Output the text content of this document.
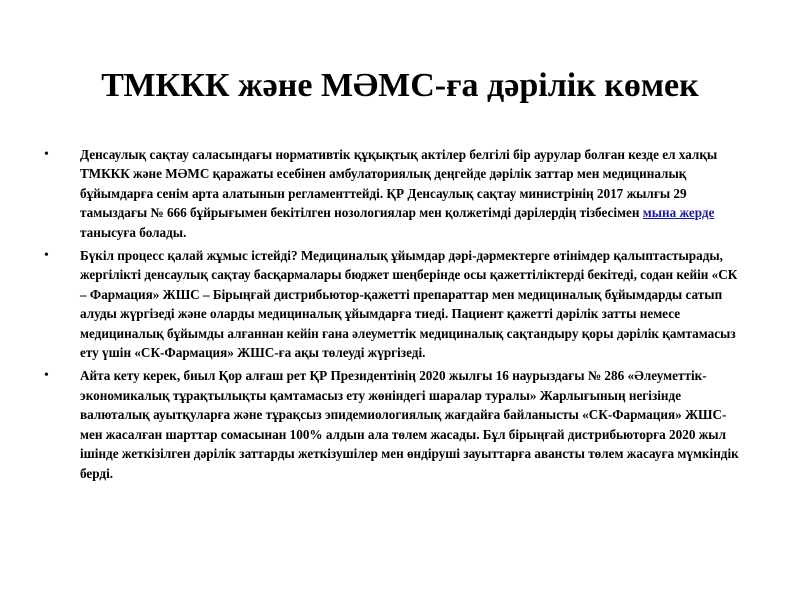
ТМККК және МӘМС-ға дәрілік көмек
• Денсаулық сақтау саласындағы нормативтік құқықтық актілер белгілі бір аурулар болған кезде ел халқы ТМККК және МӘМС қаражаты есебінен амбулаториялық деңгейде дәрілік заттар мен медициналық бұйымдарға сенім арта алатынын регламенттейді. ҚР Денсаулық сақтау министрінің 2017 жылғы 29 тамыздағы № 666 бұйрығымен бекітілген нозологиялар мен қолжетімді дәрілердің тізбесімен мына жерде танысуға болады.
• Бүкіл процесс қалай жұмыс істейді? Медициналық ұйымдар дәрі-дәрмектерге өтінімдер қалыптастырады, жергілікті денсаулық сақтау басқармалары бюджет шеңберінде осы қажеттіліктерді бекітеді, содан кейін «СК – Фармация» ЖШС – Бірыңғай дистрибьютор-қажетті препараттар мен медициналық бұйымдарды сатып алуды жүргізеді және оларды медициналық ұйымдарға тиеді. Пациент қажетті дәрілік затты немесе медициналық бұйымды алғаннан кейін ғана әлеуметтік медициналық сақтандыру қоры дәрілік қамтамасыз ету үшін «СК-Фармация» ЖШС-ға ақы төлеуді жүргізеді.
• Айта кету керек, биыл Қор алғаш рет ҚР Президентінің 2020 жылғы 16 наурыздағы № 286 «Әлеуметтік-экономикалық тұрақтылықты қамтамасыз ету жөніндегі шаралар туралы» Жарлығының негізінде валюталық ауытқуларға және тұрақсыз эпидемиологиялық жағдайға байланысты «СК-Фармация» ЖШС-мен жасалған шарттар сомасынан 100% алдын ала төлем жасады. Бұл бірыңғай дистрибьюторға 2020 жыл ішінде жеткізілген дәрілік заттарды жеткізушілер мен өндіруші зауыттарға авансты төлем жасауға мүмкіндік берді.
